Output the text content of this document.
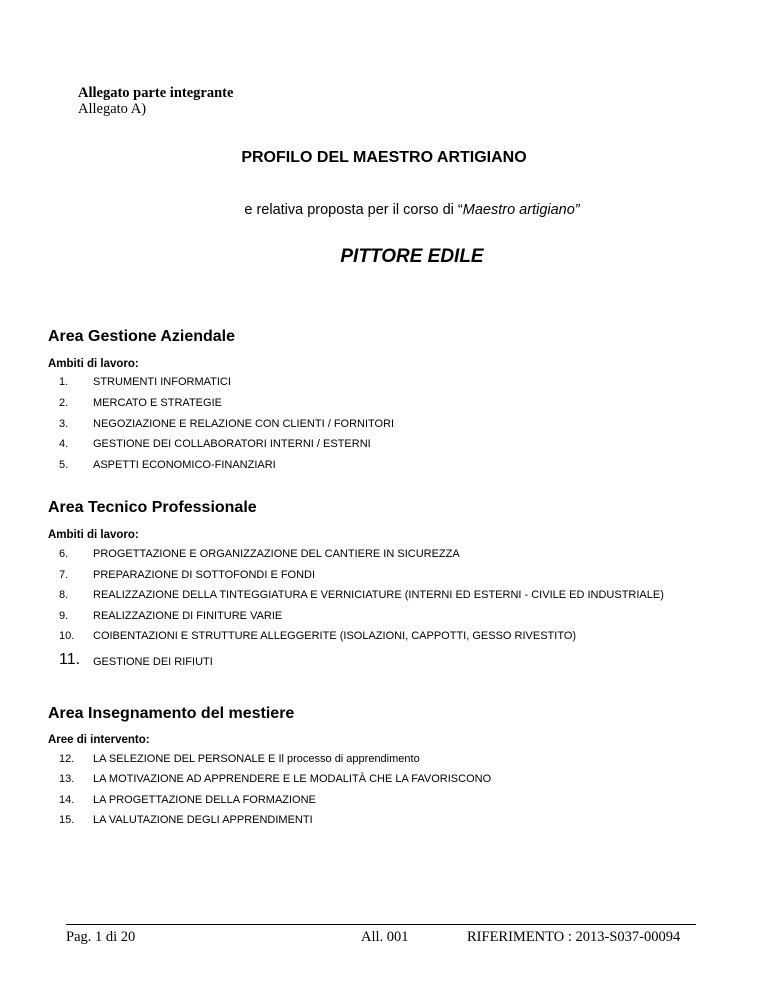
Allegato parte integrante
Allegato A)
PROFILO DEL MAESTRO ARTIGIANO
e relativa proposta per il corso di “Maestro artigiano”
PITTORE EDILE
Area Gestione Aziendale
Ambiti di lavoro:
1. STRUMENTI INFORMATICI
2. MERCATO E STRATEGIE
3. NEGOZIAZIONE E RELAZIONE CON CLIENTI / FORNITORI
4. GESTIONE DEI COLLABORATORI INTERNI / ESTERNI
5. ASPETTI ECONOMICO-FINANZIARI
Area Tecnico Professionale
Ambiti di lavoro:
6. PROGETTAZIONE E ORGANIZZAZIONE DEL CANTIERE IN SICUREZZA
7. PREPARAZIONE DI SOTTOFONDI E FONDI
8. REALIZZAZIONE DELLA TINTEGGIATURA E VERNICIATURE (INTERNI ED ESTERNI - CIVILE ED INDUSTRIALE)
9. REALIZZAZIONE DI FINITURE VARIE
10. COIBENTAZIONI E STRUTTURE ALLEGGERITE (ISOLAZIONI, CAPPOTTI, GESSO RIVESTITO)
11. GESTIONE DEI RIFIUTI
Area Insegnamento del mestiere
Aree di intervento:
12. LA SELEZIONE DEL PERSONALE E Il processo di apprendimento
13. LA MOTIVAZIONE AD APPRENDERE E LE MODALITÀ CHE LA FAVORISCONO
14. LA PROGETTAZIONE DELLA FORMAZIONE
15. LA VALUTAZIONE DEGLI APPRENDIMENTI
Pag. 1 di 20	All. 001	RIFERIMENTO : 2013-S037-00094
